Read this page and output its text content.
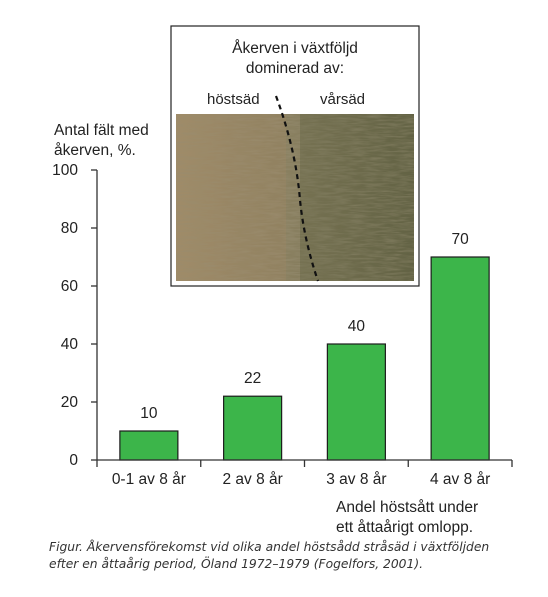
Antal fält med
åkerven, %.
0
20
40
60
80
100
10
0-1 av 8 år
22
2 av 8 år
40
3 av 8 år
70
4 av 8 år
Andel höstsått under
ett åttaårigt omlopp.
Åkerven i växtföljd
dominerad av:
höstsäd	vårsäd
Figur. Åkervensförekomst vid olika andel höstsådd stråsäd i växtföljden
efter en åttaårig period, Öland 1972–1979 (Fogelfors, 2001).
